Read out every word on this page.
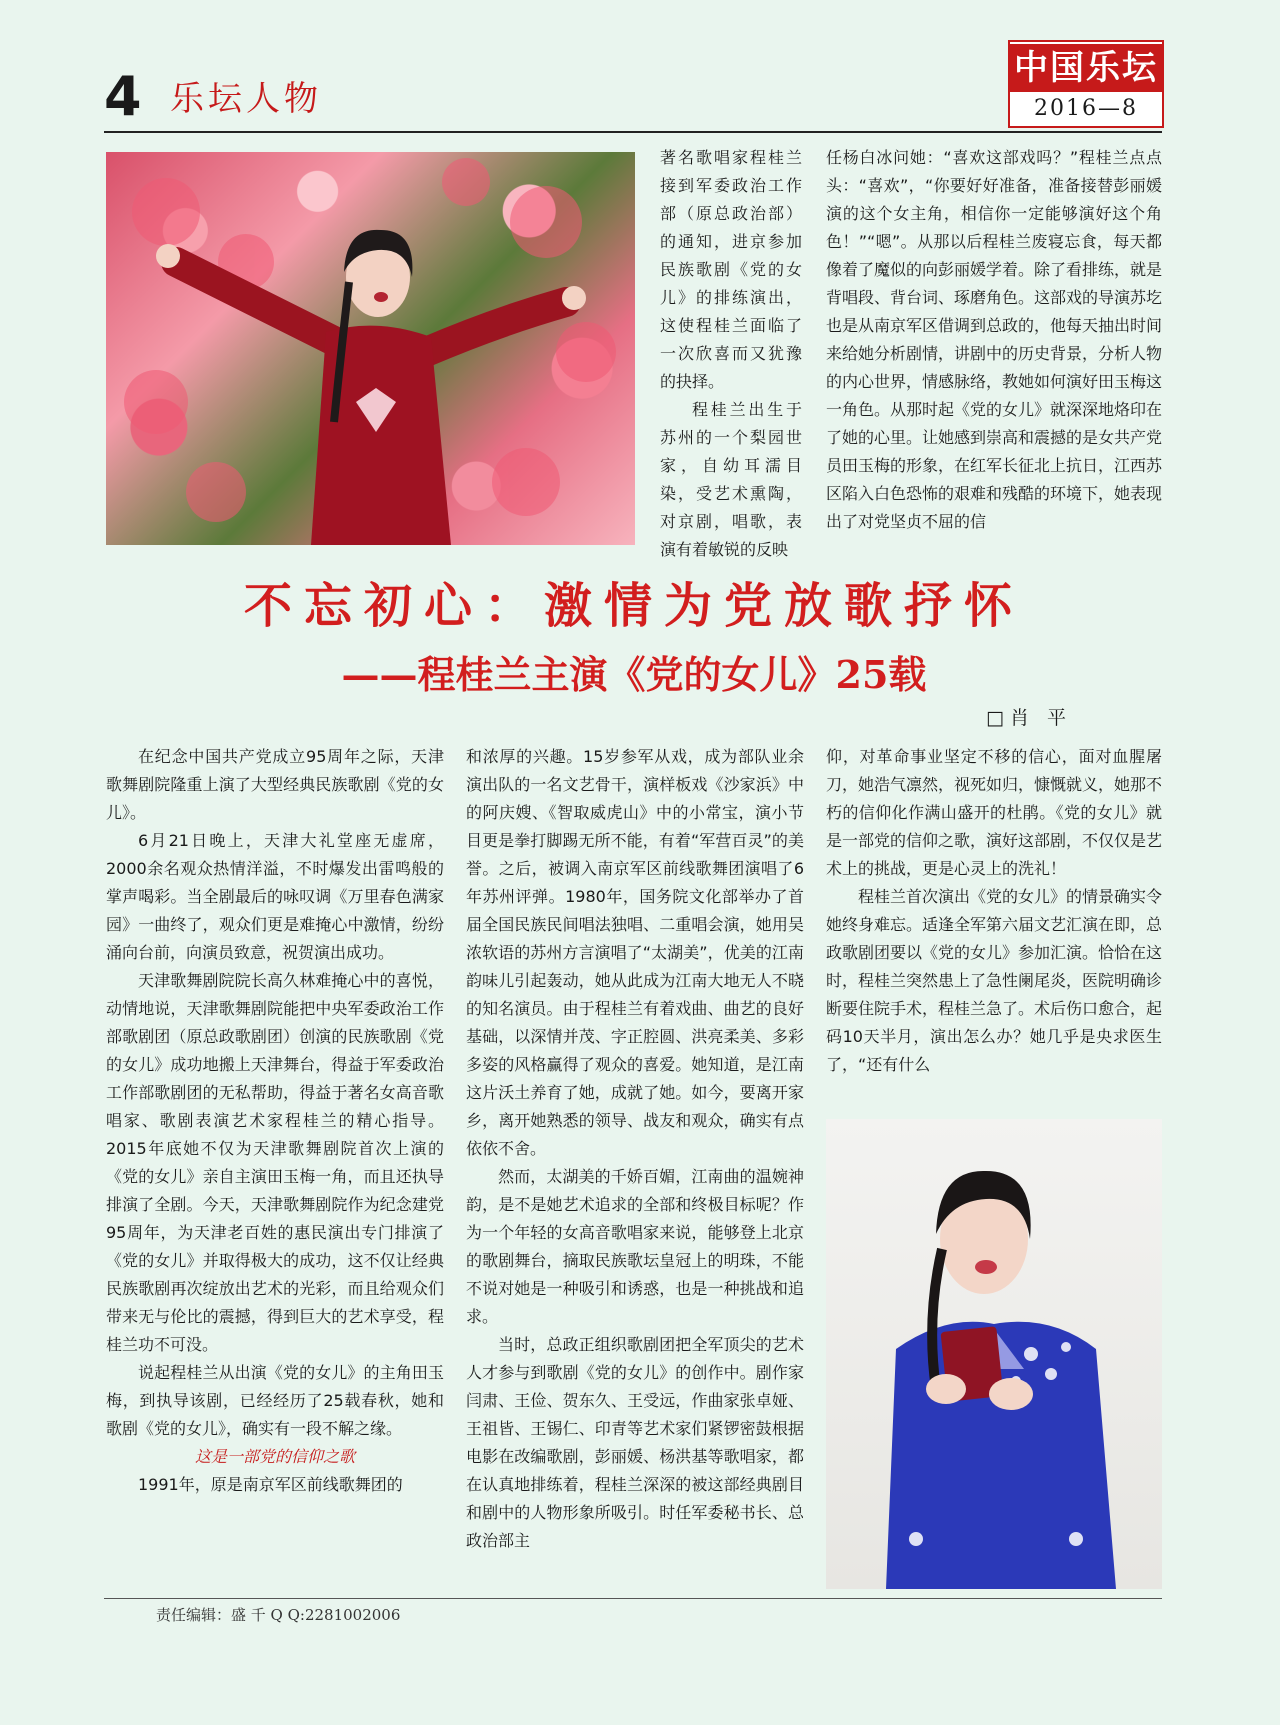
4 乐坛人物
中国乐坛
2016—8

著名歌唱家程桂兰接到军委政治工作部（原总政治部）的通知，进京参加民族歌剧《党的女儿》的排练演出，这使程桂兰面临了一次欣喜而又犹豫的抉择。

程桂兰出生于苏州的一个梨园世家，自幼耳濡目染，受艺术熏陶，对京剧，唱歌，表演有着敏锐的反映

任杨白冰问她：“喜欢这部戏吗？”程桂兰点点头：“喜欢”，“你要好好准备，准备接替彭丽媛演的这个女主角，相信你一定能够演好这个角色！”“嗯”。从那以后程桂兰废寝忘食，每天都像着了魔似的向彭丽媛学着。除了看排练，就是背唱段、背台词、琢磨角色。这部戏的导演苏圪也是从南京军区借调到总政的，他每天抽出时间来给她分析剧情，讲剧中的历史背景，分析人物的内心世界，情感脉络，教她如何演好田玉梅这一角色。从那时起《党的女儿》就深深地烙印在了她的心里。让她感到崇高和震撼的是女共产党员田玉梅的形象，在红军长征北上抗日，江西苏区陷入白色恐怖的艰难和残酷的环境下，她表现出了对党坚贞不屈的信

不忘初心：激情为党放歌抒怀
——程桂兰主演《党的女儿》25载
□肖 平

在纪念中国共产党成立95周年之际，天津歌舞剧院隆重上演了大型经典民族歌剧《党的女儿》。

6月21日晚上，天津大礼堂座无虚席，2000余名观众热情洋溢，不时爆发出雷鸣般的掌声喝彩。当全剧最后的咏叹调《万里春色满家园》一曲终了，观众们更是难掩心中激情，纷纷涌向台前，向演员致意，祝贺演出成功。

天津歌舞剧院院长高久林难掩心中的喜悦，动情地说，天津歌舞剧院能把中央军委政治工作部歌剧团（原总政歌剧团）创演的民族歌剧《党的女儿》成功地搬上天津舞台，得益于军委政治工作部歌剧团的无私帮助，得益于著名女高音歌唱家、歌剧表演艺术家程桂兰的精心指导。2015年底她不仅为天津歌舞剧院首次上演的《党的女儿》亲自主演田玉梅一角，而且还执导排演了全剧。今天，天津歌舞剧院作为纪念建党95周年，为天津老百姓的惠民演出专门排演了《党的女儿》并取得极大的成功，这不仅让经典民族歌剧再次绽放出艺术的光彩，而且给观众们带来无与伦比的震撼，得到巨大的艺术享受，程桂兰功不可没。

说起程桂兰从出演《党的女儿》的主角田玉梅，到执导该剧，已经经历了25载春秋，她和歌剧《党的女儿》，确实有一段不解之缘。

这是一部党的信仰之歌

1991年，原是南京军区前线歌舞团的

和浓厚的兴趣。15岁参军从戏，成为部队业余演出队的一名文艺骨干，演样板戏《沙家浜》中的阿庆嫂、《智取威虎山》中的小常宝，演小节目更是拳打脚踢无所不能，有着“军营百灵”的美誉。之后，被调入南京军区前线歌舞团演唱了6年苏州评弹。1980年，国务院文化部举办了首届全国民族民间唱法独唱、二重唱会演，她用吴浓软语的苏州方言演唱了“太湖美”，优美的江南韵味儿引起轰动，她从此成为江南大地无人不晓的知名演员。由于程桂兰有着戏曲、曲艺的良好基础，以深情并茂、字正腔圆、洪亮柔美、多彩多姿的风格赢得了观众的喜爱。她知道，是江南这片沃土养育了她，成就了她。如今，要离开家乡，离开她熟悉的领导、战友和观众，确实有点依依不舍。

然而，太湖美的千娇百媚，江南曲的温婉神韵，是不是她艺术追求的全部和终极目标呢？作为一个年轻的女高音歌唱家来说，能够登上北京的歌剧舞台，摘取民族歌坛皇冠上的明珠，不能不说对她是一种吸引和诱惑，也是一种挑战和追求。

当时，总政正组织歌剧团把全军顶尖的艺术人才参与到歌剧《党的女儿》的创作中。剧作家闫肃、王俭、贺东久、王受远，作曲家张卓娅、王祖皆、王锡仁、印青等艺术家们紧锣密鼓根据电影在改编歌剧，彭丽媛、杨洪基等歌唱家，都在认真地排练着，程桂兰深深的被这部经典剧目和剧中的人物形象所吸引。时任军委秘书长、总政治部主

仰，对革命事业坚定不移的信心，面对血腥屠刀，她浩气凛然，视死如归，慷慨就义，她那不朽的信仰化作满山盛开的杜鹃。《党的女儿》就是一部党的信仰之歌，演好这部剧，不仅仅是艺术上的挑战，更是心灵上的洗礼！

程桂兰首次演出《党的女儿》的情景确实令她终身难忘。适逢全军第六届文艺汇演在即，总政歌剧团要以《党的女儿》参加汇演。恰恰在这时，程桂兰突然患上了急性阑尾炎，医院明确诊断要住院手术，程桂兰急了。术后伤口愈合，起码10天半月，演出怎么办？她几乎是央求医生了，“还有什么

责任编辑：盛 千 Q Q:2281002006
